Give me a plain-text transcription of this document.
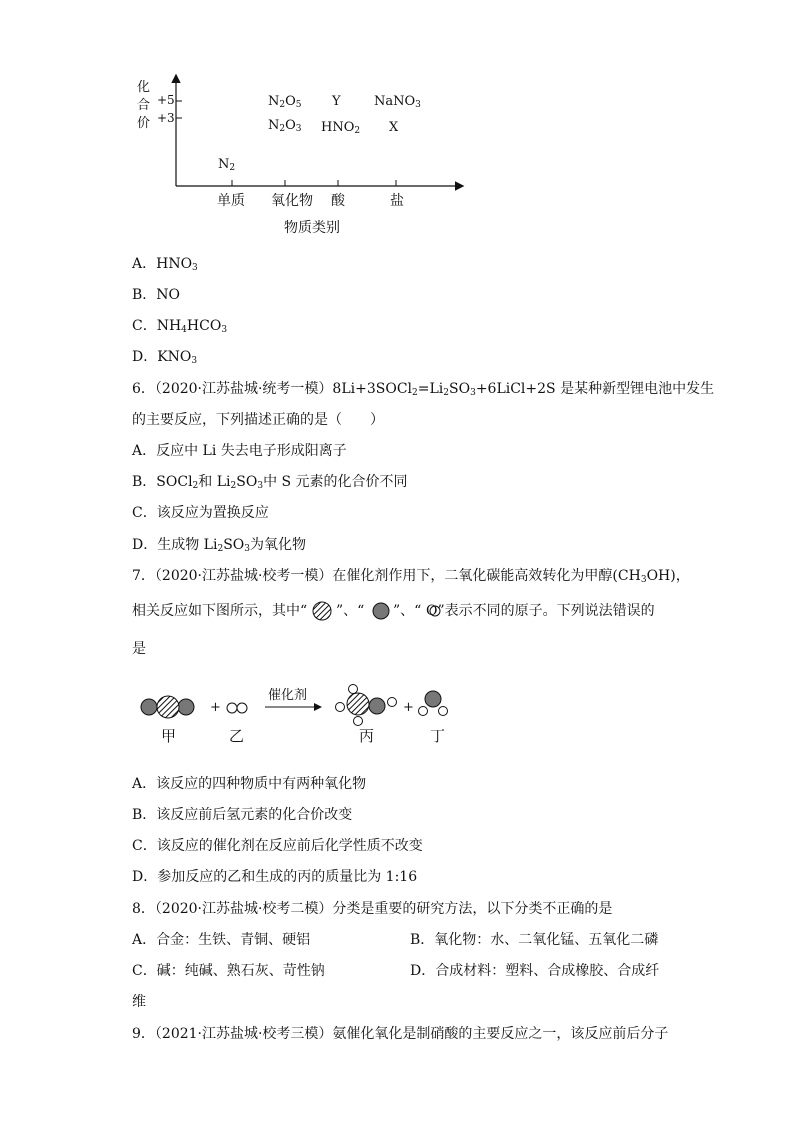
化
合
价
+5
+3
$N_2$
$N_2O_5$
$N_2O_3$
Y
$HNO_2$
NaNO$_3$
X
单质 氧化物 酸	盐
物质类别
A．$HNO_3$
B．NO
C．$NH_4HCO_3$
D．$KNO_3$
6．（2020·江苏盐城·统考一模）$8Li+3SOCl_2=Li_2SO_3+6LiCl+2S$ 是某种新型锂电池中发生
的主要反应，下列描述正确的是（　　）
A．反应中 Li 失去电子形成阳离子
B．SOCl$_2$和 $Li_2SO_3$中 S 元素的化合价不同
C．该反应为置换反应
D．生成物 $Li_2SO_3$为氧化物
7．（2020·江苏盐城·校考一模）在催化剂作用下，二氧化碳能高效转化为甲醇$(CH_3OH)$，
相关反应如下图所示，其中“ ”、“ ”、“ O”表示不同的原子。下列说法错误的
是
催化剂
+	+
甲	乙	丙	丁
A．该反应的四种物质中有两种氧化物
B．该反应前后氢元素的化合价改变
C．该反应的催化剂在反应前后化学性质不改变
D．参加反应的乙和生成的丙的质量比为 1:16
8．（2020·江苏盐城·校考二模）分类是重要的研究方法，以下分类不正确的是
A．合金：生铁、青铜、硬铝	B．氧化物：水、二氧化锰、五氧化二磷
C．碱：纯碱、熟石灰、苛性钠	D．合成材料：塑料、合成橡胶、合成纤
维
9．（2021·江苏盐城·校考三模）氨催化氧化是制硝酸的主要反应之一，该反应前后分子
